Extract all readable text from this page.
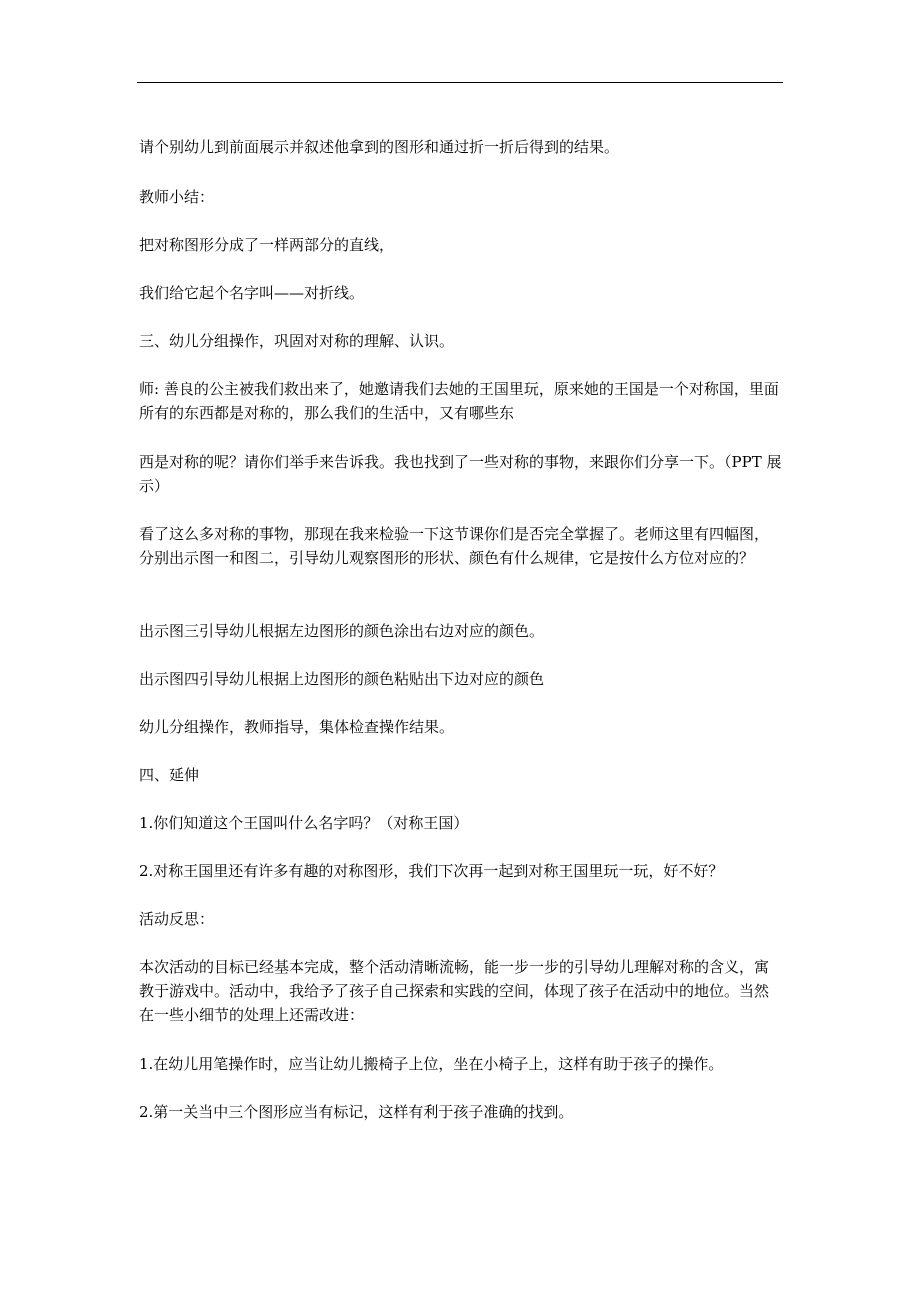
请个别幼儿到前面展示并叙述他拿到的图形和通过折一折后得到的结果。
教师小结：
把对称图形分成了一样两部分的直线，
我们给它起个名字叫——对折线。
三、幼儿分组操作，巩固对对称的理解、认识。
师: 善良的公主被我们救出来了，她邀请我们去她的王国里玩，原来她的王国是一个对称国，里面所有的东西都是对称的，那么我们的生活中，又有哪些东
西是对称的呢？请你们举手来告诉我。我也找到了一些对称的事物，来跟你们分享一下。（PPT 展示）
看了这么多对称的事物，那现在我来检验一下这节课你们是否完全掌握了。老师这里有四幅图，分别出示图一和图二，引导幼儿观察图形的形状、颜色有什么规律，它是按什么方位对应的？
出示图三引导幼儿根据左边图形的颜色涂出右边对应的颜色。
出示图四引导幼儿根据上边图形的颜色粘贴出下边对应的颜色
幼儿分组操作，教师指导，集体检查操作结果。
四、延伸
1.你们知道这个王国叫什么名字吗？（对称王国）
2.对称王国里还有许多有趣的对称图形，我们下次再一起到对称王国里玩一玩，好不好？
活动反思：
本次活动的目标已经基本完成，整个活动清晰流畅，能一步一步的引导幼儿理解对称的含义，寓教于游戏中。活动中，我给予了孩子自己探索和实践的空间，体现了孩子在活动中的地位。当然在一些小细节的处理上还需改进：
1.在幼儿用笔操作时，应当让幼儿搬椅子上位，坐在小椅子上，这样有助于孩子的操作。
2.第一关当中三个图形应当有标记，这样有利于孩子准确的找到。
